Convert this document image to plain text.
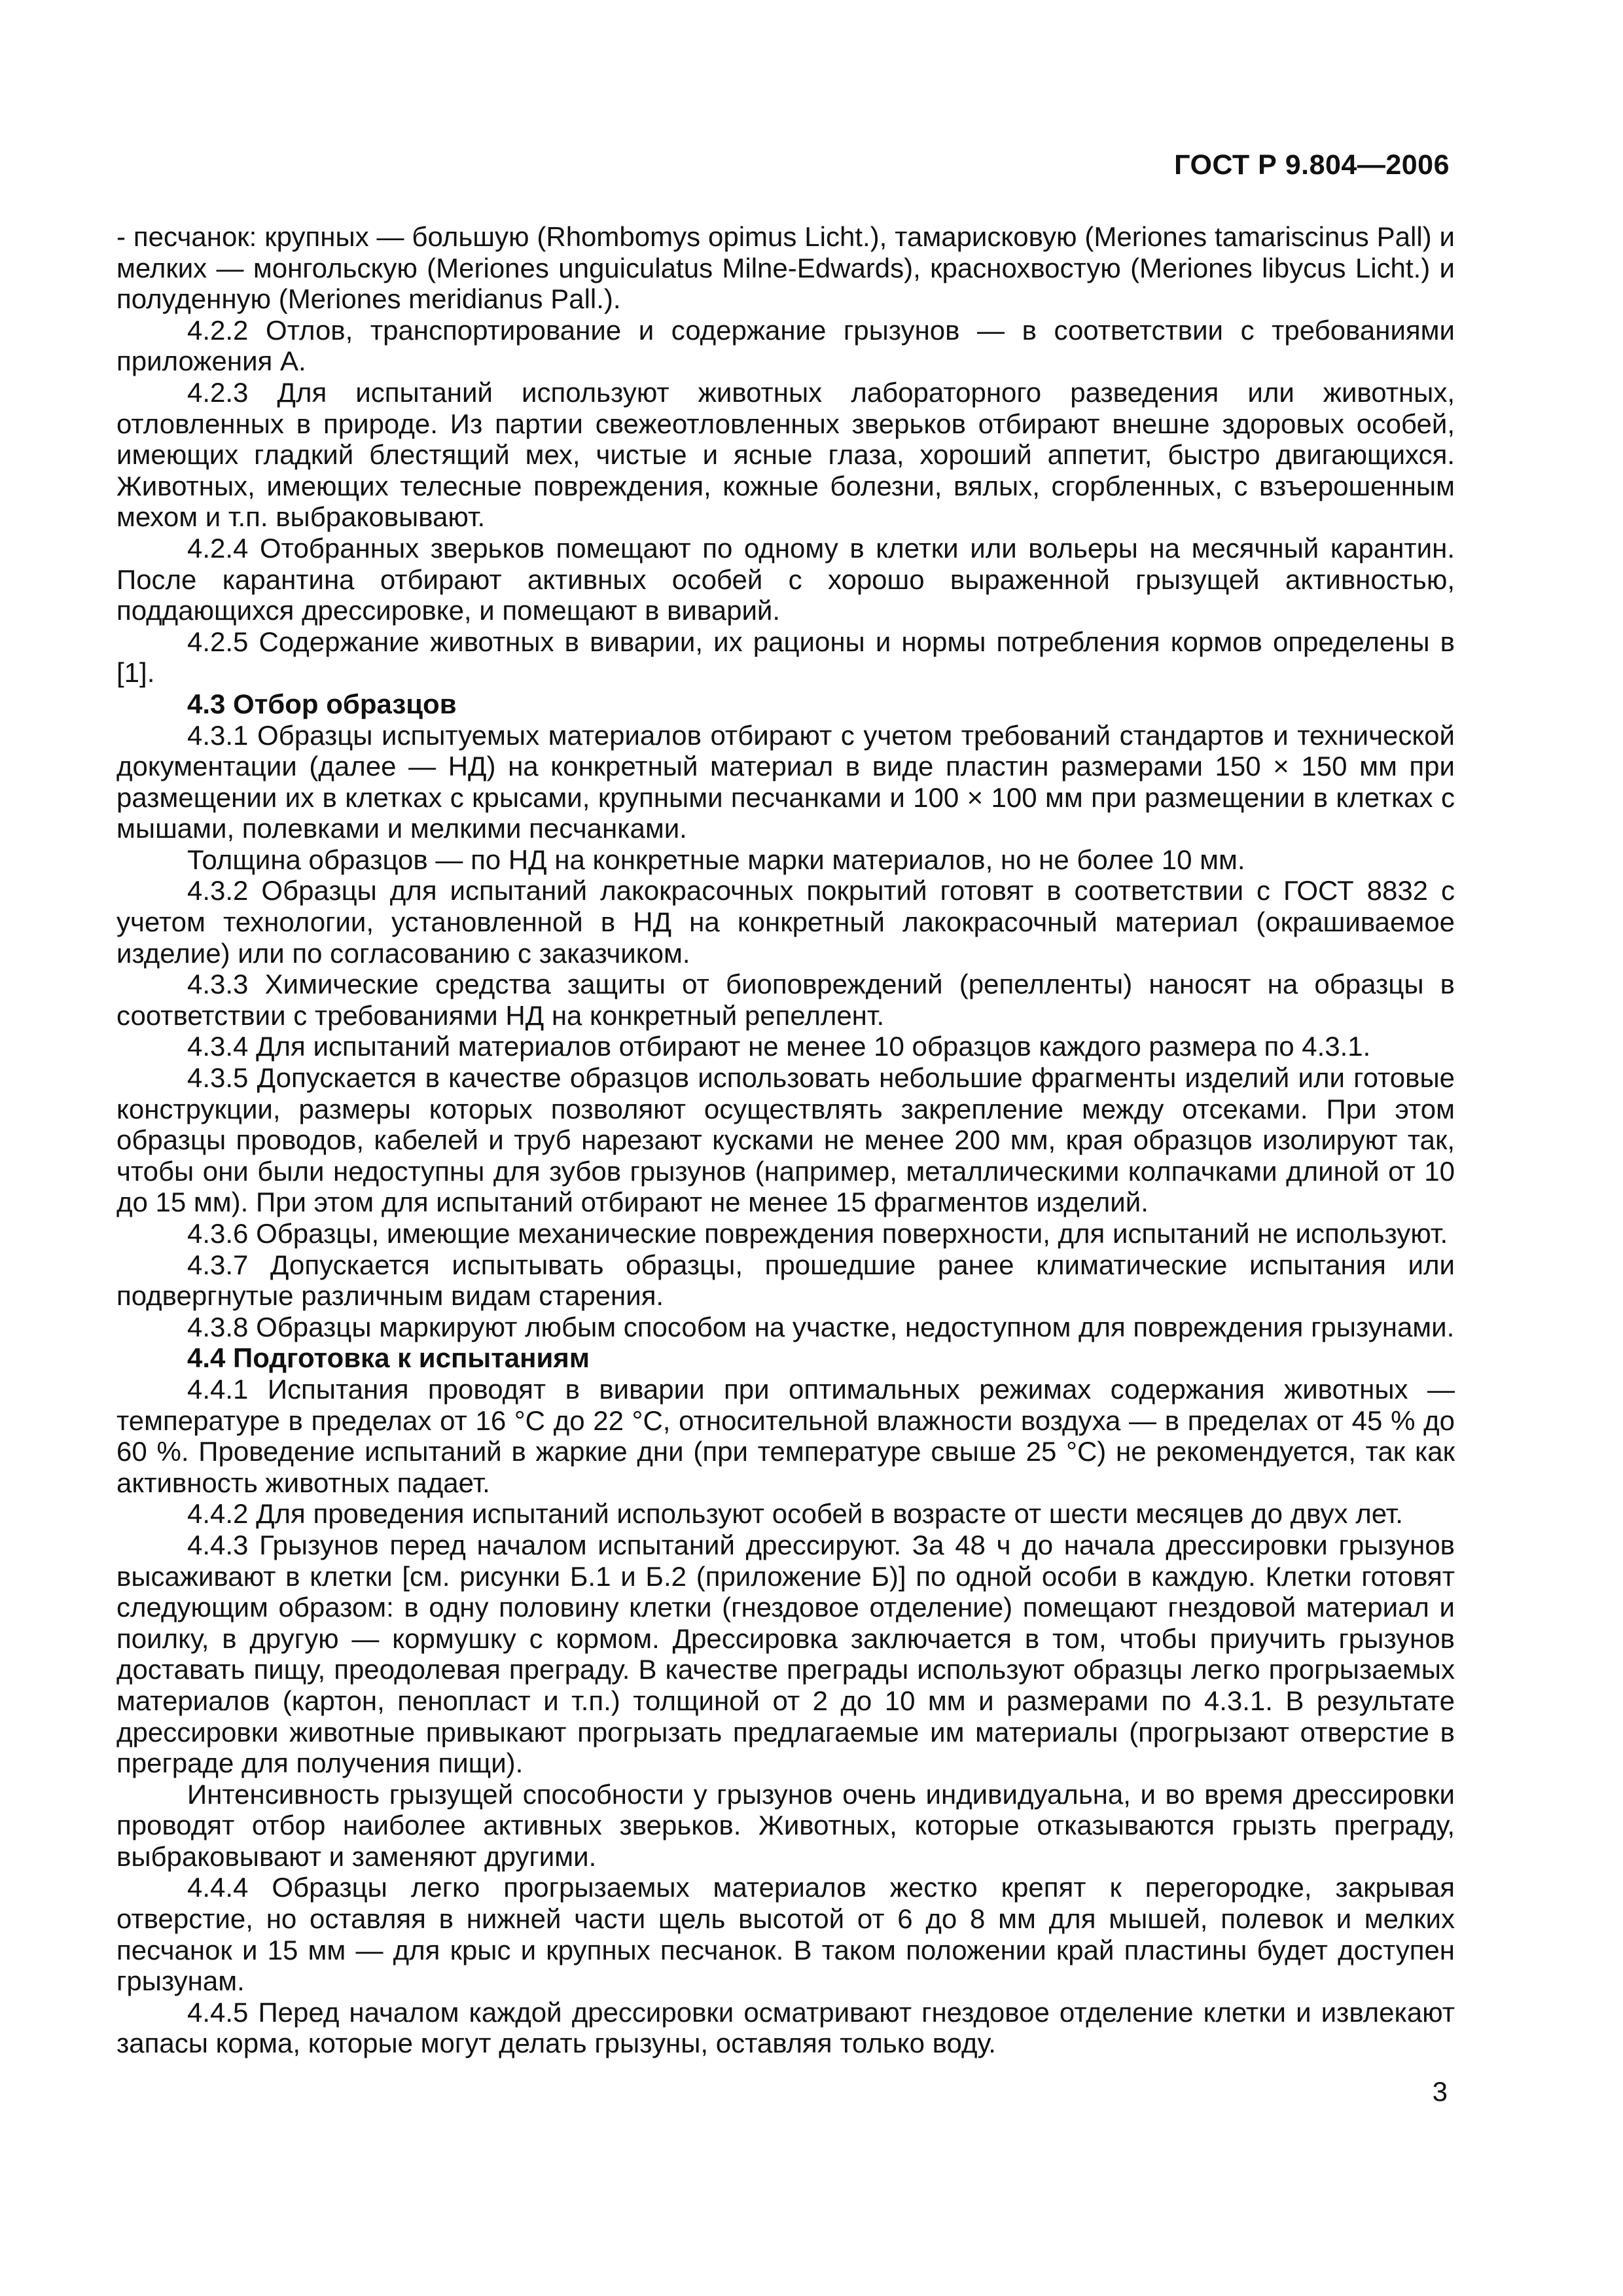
ГОСТ Р 9.804—2006

- песчанок: крупных — большую (Rhombomys opimus Licht.), тамарисковую (Meriones tamariscinus Pall) и мелких — монгольскую (Meriones unguiculatus Milne-Edwards), краснохвостую (Meriones libycus Licht.) и полуденную (Meriones meridianus Pall.).

4.2.2 Отлов, транспортирование и содержание грызунов — в соответствии с требованиями приложения А.

4.2.3 Для испытаний используют животных лабораторного разведения или животных, отловленных в природе. Из партии свежеотловленных зверьков отбирают внешне здоровых особей, имеющих гладкий блестящий мех, чистые и ясные глаза, хороший аппетит, быстро двигающихся. Животных, имеющих телесные повреждения, кожные болезни, вялых, сгорбленных, с взъерошенным мехом и т.п. выбраковывают.

4.2.4 Отобранных зверьков помещают по одному в клетки или вольеры на месячный карантин. После карантина отбирают активных особей с хорошо выраженной грызущей активностью, поддающихся дрессировке, и помещают в виварий.

4.2.5 Содержание животных в виварии, их рационы и нормы потребления кормов определены в [1].

4.3 Отбор образцов

4.3.1 Образцы испытуемых материалов отбирают с учетом требований стандартов и технической документации (далее — НД) на конкретный материал в виде пластин размерами 150 × 150 мм при размещении их в клетках с крысами, крупными песчанками и 100 × 100 мм при размещении в клетках с мышами, полевками и мелкими песчанками.

Толщина образцов — по НД на конкретные марки материалов, но не более 10 мм.

4.3.2 Образцы для испытаний лакокрасочных покрытий готовят в соответствии с ГОСТ 8832 с учетом технологии, установленной в НД на конкретный лакокрасочный материал (окрашиваемое изделие) или по согласованию с заказчиком.

4.3.3 Химические средства защиты от биоповреждений (репелленты) наносят на образцы в соответствии с требованиями НД на конкретный репеллент.

4.3.4 Для испытаний материалов отбирают не менее 10 образцов каждого размера по 4.3.1.

4.3.5 Допускается в качестве образцов использовать небольшие фрагменты изделий или готовые конструкции, размеры которых позволяют осуществлять закрепление между отсеками. При этом образцы проводов, кабелей и труб нарезают кусками не менее 200 мм, края образцов изолируют так, чтобы они были недоступны для зубов грызунов (например, металлическими колпачками длиной от 10 до 15 мм). При этом для испытаний отбирают не менее 15 фрагментов изделий.

4.3.6 Образцы, имеющие механические повреждения поверхности, для испытаний не используют.

4.3.7 Допускается испытывать образцы, прошедшие ранее климатические испытания или подвергнутые различным видам старения.

4.3.8 Образцы маркируют любым способом на участке, недоступном для повреждения грызунами.

4.4 Подготовка к испытаниям

4.4.1 Испытания проводят в виварии при оптимальных режимах содержания животных — температуре в пределах от 16 °C до 22 °C, относительной влажности воздуха — в пределах от 45 % до 60 %. Проведение испытаний в жаркие дни (при температуре свыше 25 °C) не рекомендуется, так как активность животных падает.

4.4.2 Для проведения испытаний используют особей в возрасте от шести месяцев до двух лет.

4.4.3 Грызунов перед началом испытаний дрессируют. За 48 ч до начала дрессировки грызунов высаживают в клетки [см. рисунки Б.1 и Б.2 (приложение Б)] по одной особи в каждую. Клетки готовят следующим образом: в одну половину клетки (гнездовое отделение) помещают гнездовой материал и поилку, в другую — кормушку с кормом. Дрессировка заключается в том, чтобы приучить грызунов доставать пищу, преодолевая преграду. В качестве преграды используют образцы легко прогрызаемых материалов (картон, пенопласт и т.п.) толщиной от 2 до 10 мм и размерами по 4.3.1. В результате дрессировки животные привыкают прогрызать предлагаемые им материалы (прогрызают отверстие в преграде для получения пищи).

Интенсивность грызущей способности у грызунов очень индивидуальна, и во время дрессировки проводят отбор наиболее активных зверьков. Животных, которые отказываются грызть преграду, выбраковывают и заменяют другими.

4.4.4 Образцы легко прогрызаемых материалов жестко крепят к перегородке, закрывая отверстие, но оставляя в нижней части щель высотой от 6 до 8 мм для мышей, полевок и мелких песчанок и 15 мм — для крыс и крупных песчанок. В таком положении край пластины будет доступен грызунам.

4.4.5 Перед началом каждой дрессировки осматривают гнездовое отделение клетки и извлекают запасы корма, которые могут делать грызуны, оставляя только воду.

3
